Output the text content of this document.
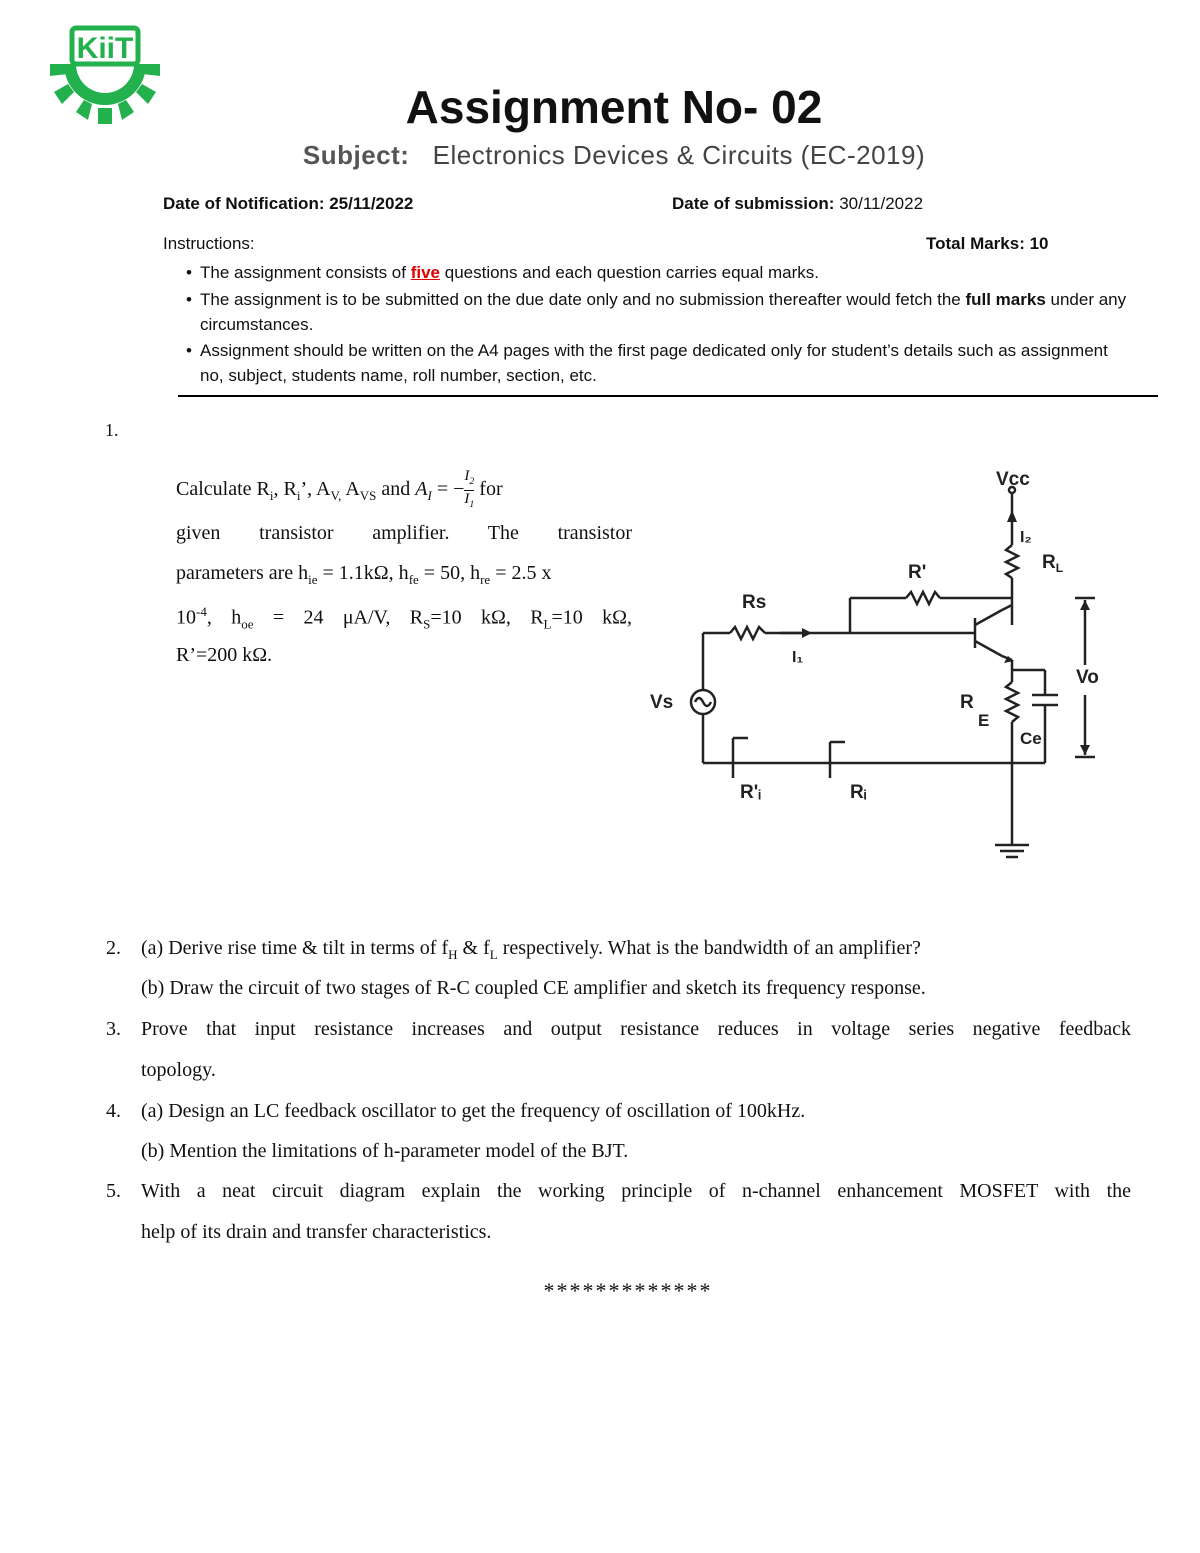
KiiT
Assignment No- 02
Subject: Electronics Devices & Circuits (EC-2019)
Date of Notification: 25/11/2022	Date of submission: 30/11/2022
Instructions:	Total Marks: 10
• The assignment consists of five questions and each question carries equal marks.
• The assignment is to be submitted on the due date only and no submission thereafter would fetch the full marks under any circumstances.
• Assignment should be written on the A4 pages with the first page dedicated only for student’s details such as assignment no, subject, students name, roll number, section, etc.
1.
Calculate $R_i$, $R_i$’, $A_{V,}$ $A_{VS}$ and $A_I$ = − $\frac{I_2}{I_1}$ for
given transistor amplifier. The transistor
parameters are $h_{ie} = 1.1k\Omega$, $h_{fe} = 50$, $h_{re} = 2.5$ x
$10^{-4}$, $h_{oe} = 24$ μA/V, $R_S=10$ kΩ, $R_L=10$ kΩ,
R’=200 kΩ.
Vcc
I₂
$R_L$
R'
Rs
I₁
Vo
Vs	R
E
Ce
R'ᵢ	Rᵢ
2. (a) Derive rise time & tilt in terms of $f_H$ & $f_L$ respectively. What is the bandwidth of an amplifier?
(b) Draw the circuit of two stages of R-C coupled CE amplifier and sketch its frequency response.
3. Prove that input resistance increases and output resistance reduces in voltage series negative feedback
topology.
4. (a) Design an LC feedback oscillator to get the frequency of oscillation of 100kHz.
(b) Mention the limitations of h-parameter model of the BJT.
5. With a neat circuit diagram explain the working principle of n-channel enhancement MOSFET with the
help of its drain and transfer characteristics.
*************
